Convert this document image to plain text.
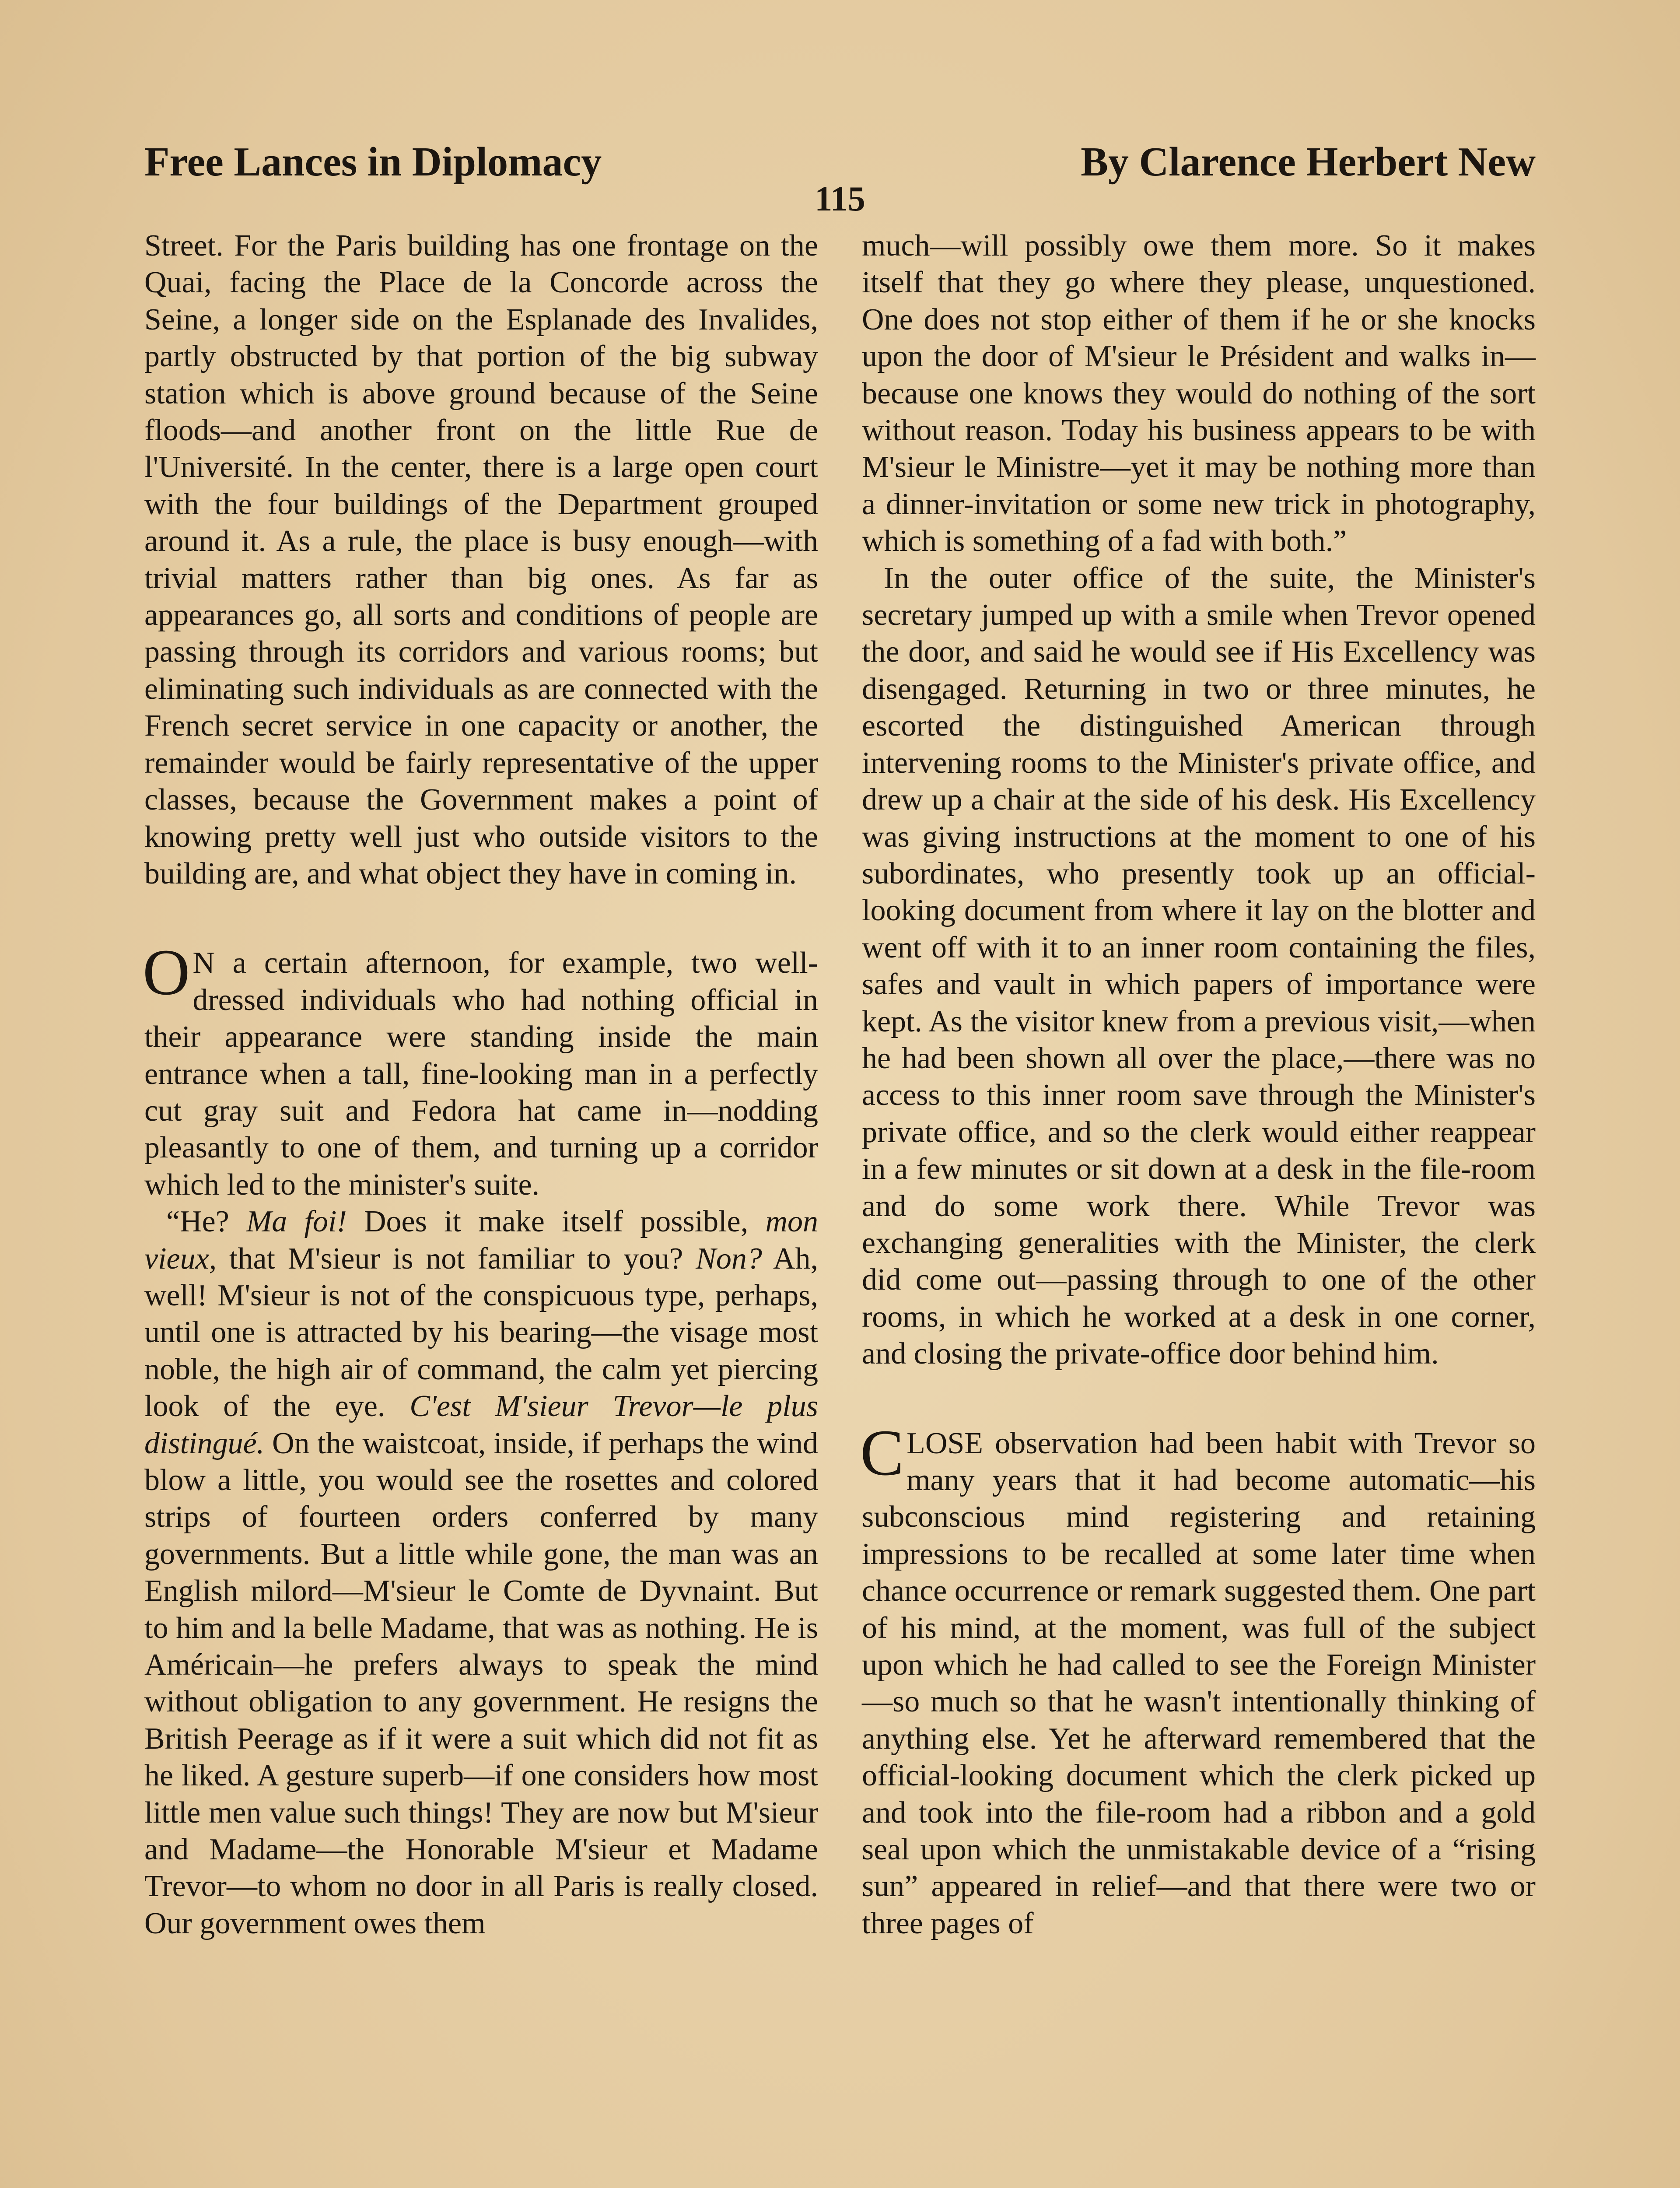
Free Lances in Diplomacy	By Clarence Herbert New
115

Street. For the Paris building has one frontage on the Quai, facing the Place de la Concorde across the Seine, a longer side on the Esplanade des Invalides, partly obstructed by that portion of the big subway station which is above ground because of the Seine floods—and another front on the little Rue de l'Université. In the center, there is a large open court with the four buildings of the Department grouped around it. As a rule, the place is busy enough—with trivial matters rather than big ones. As far as appearances go, all sorts and conditions of people are passing through its corridors and various rooms; but eliminating such individuals as are connected with the French secret service in one capacity or another, the remainder would be fairly representative of the upper classes, because the Government makes a point of knowing pretty well just who outside visitors to the building are, and what object they have in coming in.

O N a certain afternoon, for example, two well-dressed individuals who had nothing official in their appearance were standing inside the main entrance when a tall, fine-looking man in a perfectly cut gray suit and Fedora hat came in—nodding pleasantly to one of them, and turning up a corridor which led to the minister's suite.

“He? Ma foi! Does it make itself possible, mon vieux, that M'sieur is not familiar to you? Non? Ah, well! M'sieur is not of the conspicuous type, perhaps, until one is attracted by his bearing—the visage most noble, the high air of command, the calm yet piercing look of the eye. C'est M'sieur Trevor—le plus distingué. On the waistcoat, inside, if perhaps the wind blow a little, you would see the rosettes and colored strips of fourteen orders conferred by many governments. But a little while gone, the man was an English milord—M'sieur le Comte de Dyvnaint. But to him and la belle Madame, that was as nothing. He is Américain—he prefers always to speak the mind without obligation to any government. He resigns the British Peerage as if it were a suit which did not fit as he liked. A gesture superb—if one considers how most little men value such things! They are now but M'sieur and Madame—the Honorable M'sieur et Madame Trevor—to whom no door in all Paris is really closed. Our government owes them

much—will possibly owe them more. So it makes itself that they go where they please, unquestioned. One does not stop either of them if he or she knocks upon the door of M'sieur le Président and walks in—because one knows they would do nothing of the sort without reason. Today his business appears to be with M'sieur le Ministre—yet it may be nothing more than a dinner-invitation or some new trick in photography, which is something of a fad with both.”

In the outer office of the suite, the Minister's secretary jumped up with a smile when Trevor opened the door, and said he would see if His Excellency was disengaged. Returning in two or three minutes, he escorted the distinguished American through intervening rooms to the Minister's private office, and drew up a chair at the side of his desk. His Excellency was giving instructions at the moment to one of his subordinates, who presently took up an official-looking document from where it lay on the blotter and went off with it to an inner room containing the files, safes and vault in which papers of importance were kept. As the visitor knew from a previous visit,—when he had been shown all over the place,—there was no access to this inner room save through the Minister's private office, and so the clerk would either reappear in a few minutes or sit down at a desk in the file-room and do some work there. While Trevor was exchanging generalities with the Minister, the clerk did come out—passing through to one of the other rooms, in which he worked at a desk in one corner, and closing the private-office door behind him.

CLOSE observation had been habit with Trevor so many years that it had become automatic—his subconscious mind registering and retaining impressions to be recalled at some later time when chance occurrence or remark suggested them. One part of his mind, at the moment, was full of the subject upon which he had called to see the Foreign Minister—so much so that he wasn't intentionally thinking of anything else. Yet he afterward remembered that the official-looking document which the clerk picked up and took into the file-room had a ribbon and a gold seal upon which the unmistakable device of a “rising sun” appeared in relief—and that there were two or three pages of
